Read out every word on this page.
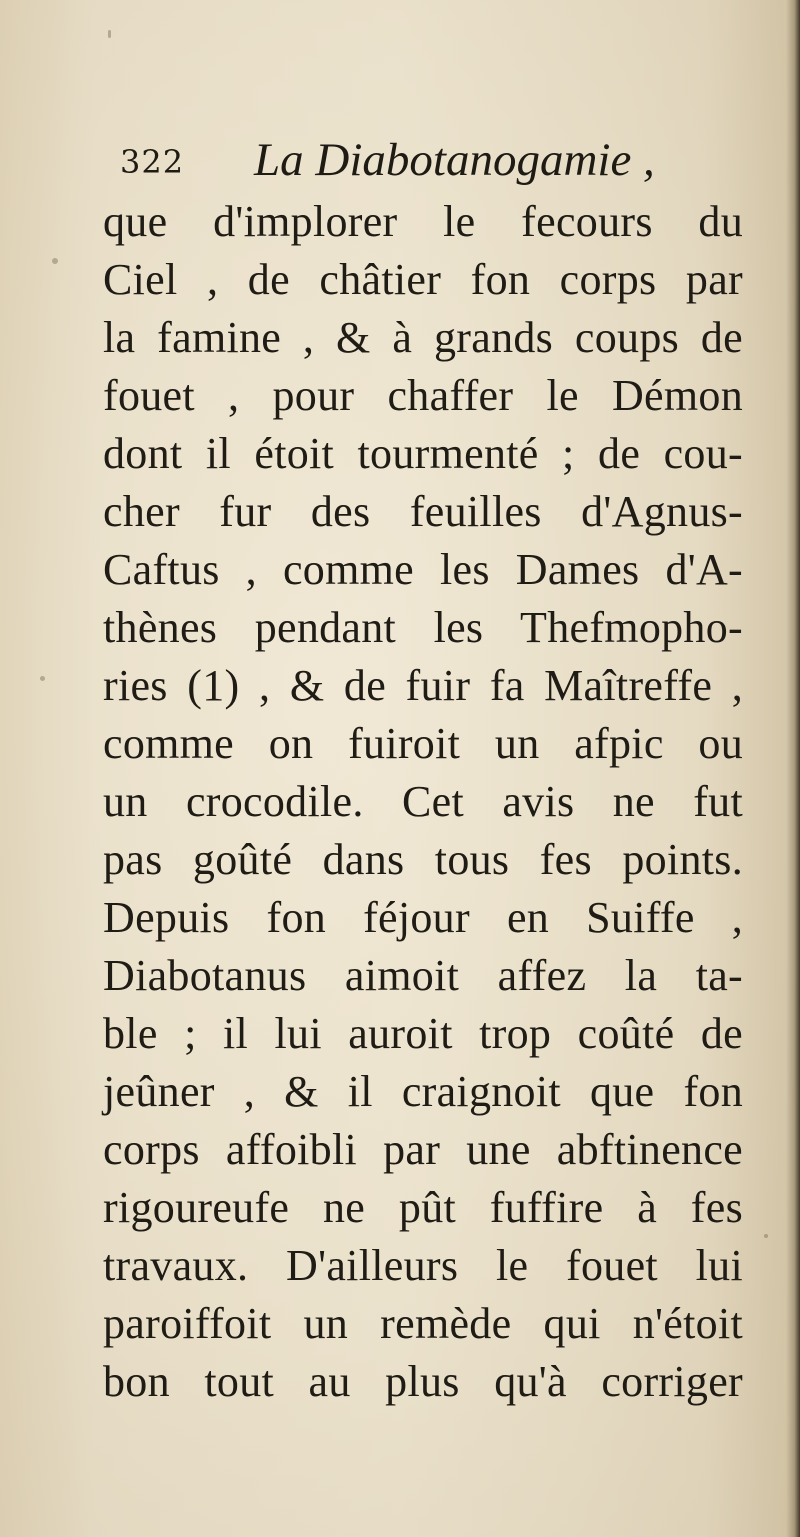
322 La Diabotanogamie ,
que d'implorer le fecours du
Ciel , de châtier fon corps par
la famine , & à grands coups de
fouet , pour chaffer le Démon
dont il étoit tourmenté ; de cou-
cher fur des feuilles d'Agnus-
Caftus , comme les Dames d'A-
thènes pendant les Thefmopho-
ries (1) , & de fuir fa Maîtreffe ,
comme on fuiroit un afpic ou
un crocodile. Cet avis ne fut
pas goûté dans tous fes points.
Depuis fon féjour en Suiffe ,
Diabotanus aimoit affez la ta-
ble ; il lui auroit trop coûté de
jeûner , & il craignoit que fon
corps affoibli par une abftinence
rigoureufe ne pût fuffire à fes
travaux. D'ailleurs le fouet lui
paroiffoit un remède qui n'étoit
bon tout au plus qu'à corriger
